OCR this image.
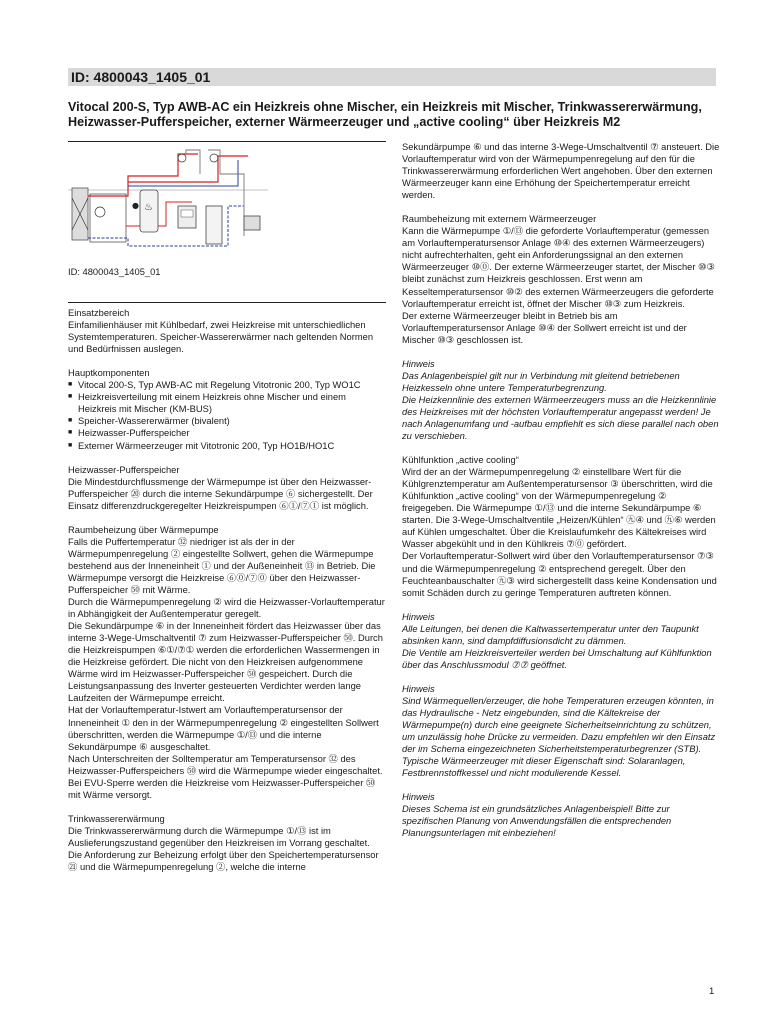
ID: 4800043_1405_01
Vitocal 200-S, Typ AWB-AC ein Heizkreis ohne Mischer, ein Heizkreis mit Mischer, Trinkwassererwärmung, Heizwasser-Pufferspeicher, externer Wärmeerzeuger und „active cooling“ über Heizkreis M2
♨
●
ID: 4800043_1405_01

Einsatzbereich

Einfamilienhäuser mit Kühlbedarf, zwei Heizkreise mit unterschiedlichen Systemtemperaturen. Speicher-Wassererwärmer nach geltenden Normen und Bedürfnissen auslegen.

Hauptkomponenten

■ Vitocal 200-S, Typ AWB-AC mit Regelung Vitotronic 200, Typ WO1C
■ Heizkreisverteilung mit einem Heizkreis ohne Mischer und einem Heizkreis mit Mischer (KM-BUS)
■ Speicher-Wassererwärmer (bivalent)
■ Heizwasser-Pufferspeicher
■ Externer Wärmeerzeuger mit Vitotronic 200, Typ HO1B/HO1C

Heizwasser-Pufferspeicher

Die Mindestdurchflussmenge der Wärmepumpe ist über den Heizwasser-Pufferspeicher ⑳ durch die interne Sekundärpumpe ⑥ sichergestellt. Der Einsatz differenzdruckgeregelter Heizkreispumpen ⑥①/⑦① ist möglich.

Raumbeheizung über Wärmepumpe

Falls die Puffertemperatur ㉜ niedriger ist als der in der Wärmepumpenregelung ② eingestellte Sollwert, gehen die Wärmepumpe bestehend aus der Inneneinheit ① und der Außeneinheit ⑬ in Betrieb. Die Wärmepumpe versorgt die Heizkreise ⑥⓪/⑦⓪ über den Heizwasser-Pufferspeicher ㊿ mit Wärme.

Durch die Wärmepumpenregelung ② wird die Heizwasser-Vorlauftemperatur in Abhängigkeit der Außentemperatur geregelt.

Die Sekundärpumpe ⑥ in der Inneneinheit fördert das Heizwasser über das interne 3-Wege-Umschaltventil ⑦ zum Heizwasser-Pufferspeicher ㊿. Durch die Heizkreispumpen ⑥①/⑦① werden die erforderlichen Wassermengen in die Heizkreise gefördert. Die nicht von den Heizkreisen aufgenommene Wärme wird im Heizwasser-Pufferspeicher ㊿ gespeichert. Durch die Leistungsanpassung des Inverter gesteuerten Verdichter werden lange Laufzeiten der Wärmepumpe erreicht.

Hat der Vorlauftemperatur-Istwert am Vorlauftemperatursensor der Inneneinheit ① den in der Wärmepumpenregelung ② eingestellten Sollwert überschritten, werden die Wärmepumpe ①/⑬ und die interne Sekundärpumpe ⑥ ausgeschaltet.

Nach Unterschreiten der Solltemperatur am Temperatursensor ㉜ des Heizwasser-Pufferspeichers ㊿ wird die Wärmepumpe wieder eingeschaltet.

Bei EVU-Sperre werden die Heizkreise vom Heizwasser-Pufferspeicher ㊿ mit Wärme versorgt.

Trinkwassererwärmung

Die Trinkwassererwärmung durch die Wärmepumpe ①/⑬ ist im Auslieferungszustand gegenüber den Heizkreisen im Vorrang geschaltet.

Die Anforderung zur Beheizung erfolgt über den Speichertemperatursensor ㉑ und die Wärmepumpenregelung ②, welche die interne

Sekundärpumpe ⑥ und das interne 3-Wege-Umschaltventil ⑦ ansteuert. Die Vorlauftemperatur wird von der Wärmepumpenregelung auf den für die Trinkwassererwärmung erforderlichen Wert angehoben. Über den externen Wärmeerzeuger kann eine Erhöhung der Speichertemperatur erreicht werden.

Raumbeheizung mit externem Wärmeerzeuger

Kann die Wärmepumpe ①/⑬ die geforderte Vorlauftemperatur (gemessen am Vorlauftemperatursensor Anlage ⑩④ des externen Wärmeerzeugers) nicht aufrechterhalten, geht ein Anforderungssignal an den externen Wärmeerzeuger ⑩⓪. Der externe Wärmeerzeuger startet, der Mischer ⑩③ bleibt zunächst zum Heizkreis geschlossen. Erst wenn am Kesseltemperatursensor ⑩② des externen Wärmeerzeugers die geforderte Vorlauftemperatur erreicht ist, öffnet der Mischer ⑩③ zum Heizkreis.

Der externe Wärmeerzeuger bleibt in Betrieb bis am Vorlauftemperatursensor Anlage ⑩④ der Sollwert erreicht ist und der Mischer ⑩③ geschlossen ist.

Hinweis

Das Anlagenbeispiel gilt nur in Verbindung mit gleitend betriebenen Heizkesseln ohne untere Temperaturbegrenzung.

Die Heizkennlinie des externen Wärmeerzeugers muss an die Heizkennlinie des Heizkreises mit der höchsten Vorlauftemperatur angepasst werden! Je nach Anlagenumfang und -aufbau empfiehlt es sich diese parallel nach oben zu verschieben.

Kühlfunktion „active cooling“

Wird der an der Wärmepumpenregelung ② einstellbare Wert für die Kühlgrenztemperatur am Außentemperatursensor ③ überschritten, wird die Kühlfunktion „active cooling“ von der Wärmepumpenregelung ② freigegeben. Die Wärmepumpe ①/⑬ und die interne Sekundärpumpe ⑥ starten. Die 3-Wege-Umschaltventile „Heizen/Kühlen“ ㊈④ und ㊈⑥ werden auf Kühlen umgeschaltet. Über die Kreislaufumkehr des Kältekreises wird Wasser abgekühlt und in den Kühlkreis ⑦⓪ gefördert.

Der Vorlauftemperatur-Sollwert wird über den Vorlauftemperatursensor ⑦③ und die Wärmepumpenregelung ② entsprechend geregelt. Über den Feuchteanbauschalter ㊈③ wird sichergestellt dass keine Kondensation und somit Schäden durch zu geringe Temperaturen auftreten können.

Hinweis

Alle Leitungen, bei denen die Kaltwassertemperatur unter den Taupunkt absinken kann, sind dampfdiffusionsdicht zu dämmen.

Die Ventile am Heizkreisverteiler werden bei Umschaltung auf Kühlfunktion über das Anschlussmodul ⑦⑦ geöffnet.

Hinweis

Sind Wärmequellen/erzeuger, die hohe Temperaturen erzeugen könnten, in das Hydraulische - Netz eingebunden, sind die Kältekreise der Wärmepumpe(n) durch eine geeignete Sicherheitseinrichtung zu schützen, um unzulässig hohe Drücke zu vermeiden. Dazu empfehlen wir den Einsatz der im Schema eingezeichneten Sicherheitstemperaturbegrenzer (STB). Typische Wärmeerzeuger mit dieser Eigenschaft sind: Solaranlagen, Festbrennstoffkessel und nicht modulierende Kessel.

Hinweis

Dieses Schema ist ein grundsätzliches Anlagenbeispiel! Bitte zur spezifischen Planung von Anwendungsfällen die entsprechenden Planungsunterlagen mit einbeziehen!

1
